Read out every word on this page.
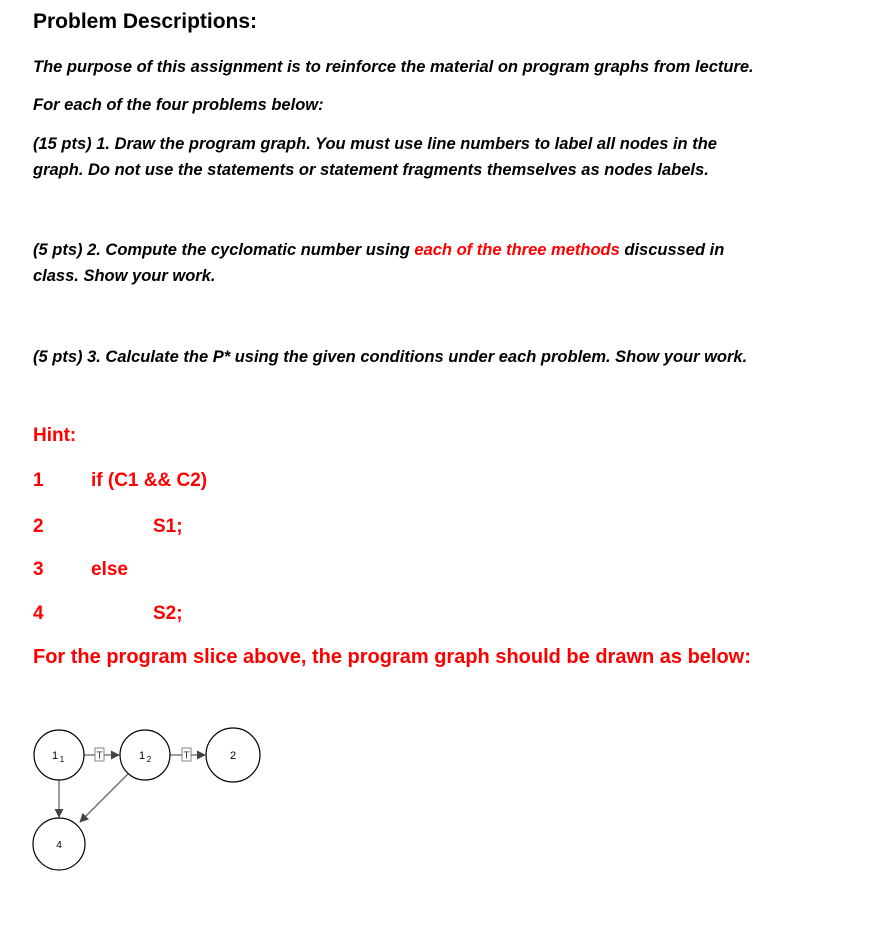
Problem Descriptions:
The purpose of this assignment is to reinforce the material on program graphs from lecture.
For each of the four problems below:
(15 pts) 1. Draw the program graph. You must use line numbers to label all nodes in the
graph. Do not use the statements or statement fragments themselves as nodes labels.
(5 pts) 2. Compute the cyclomatic number using each of the three methods discussed in
class. Show your work.
(5 pts) 3. Calculate the P* using the given conditions under each problem. Show your work.
Hint:
1 if (C1 && C2)
2	S1;
3 else
4	S2;
For the program slice above, the program graph should be drawn as below:
T	T
1 1	1 2	2
4
